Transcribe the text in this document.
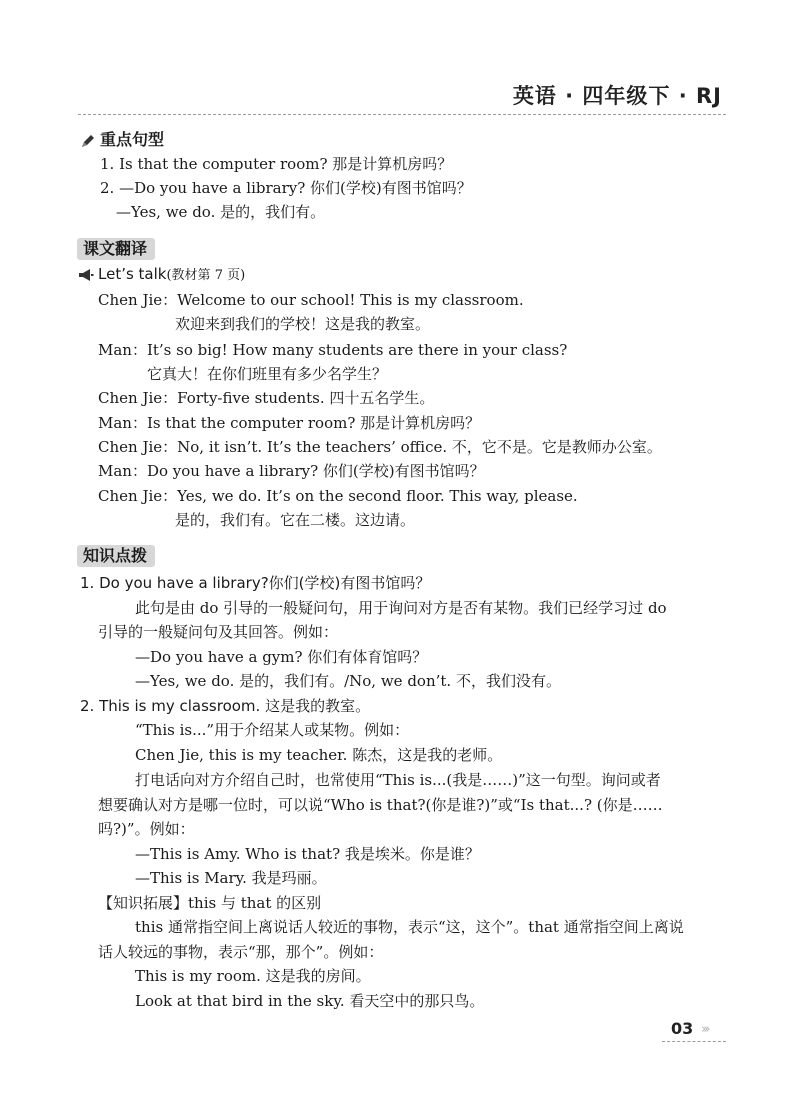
英语 · 四年级下 · RJ
重点句型
1. Is that the computer room? 那是计算机房吗？
2. —Do you have a library? 你们(学校)有图书馆吗？
—Yes, we do. 是的，我们有。
课文翻译
Let’s talk(教材第 7 页)
Chen Jie：Welcome to our school! This is my classroom.
欢迎来到我们的学校！这是我的教室。
Man：It’s so big! How many students are there in your class?
它真大！在你们班里有多少名学生？
Chen Jie：Forty-five students. 四十五名学生。
Man：Is that the computer room? 那是计算机房吗？
Chen Jie：No, it isn’t. It’s the teachers’ office. 不，它不是。它是教师办公室。
Man：Do you have a library? 你们(学校)有图书馆吗？
Chen Jie：Yes, we do. It’s on the second floor. This way, please.
是的，我们有。它在二楼。这边请。
知识点拨
1. Do you have a library?你们(学校)有图书馆吗？
此句是由 do 引导的一般疑问句，用于询问对方是否有某物。我们已经学习过 do
引导的一般疑问句及其回答。例如：
—Do you have a gym? 你们有体育馆吗？
—Yes, we do. 是的，我们有。/No, we don’t. 不，我们没有。
2. This is my classroom. 这是我的教室。
“This is...”用于介绍某人或某物。例如：
Chen Jie, this is my teacher. 陈杰，这是我的老师。
打电话向对方介绍自己时，也常使用“This is...(我是……)”这一句型。询问或者
想要确认对方是哪一位时，可以说“Who is that?(你是谁?)”或“Is that...? (你是……
吗?)”。例如：
—This is Amy. Who is that? 我是埃米。你是谁？
—This is Mary. 我是玛丽。
【知识拓展】this 与 that 的区别
this 通常指空间上离说话人较近的事物，表示“这，这个”。that 通常指空间上离说
话人较远的事物，表示“那，那个”。例如：
This is my room. 这是我的房间。
Look at that bird in the sky. 看天空中的那只鸟。
03 ›››
